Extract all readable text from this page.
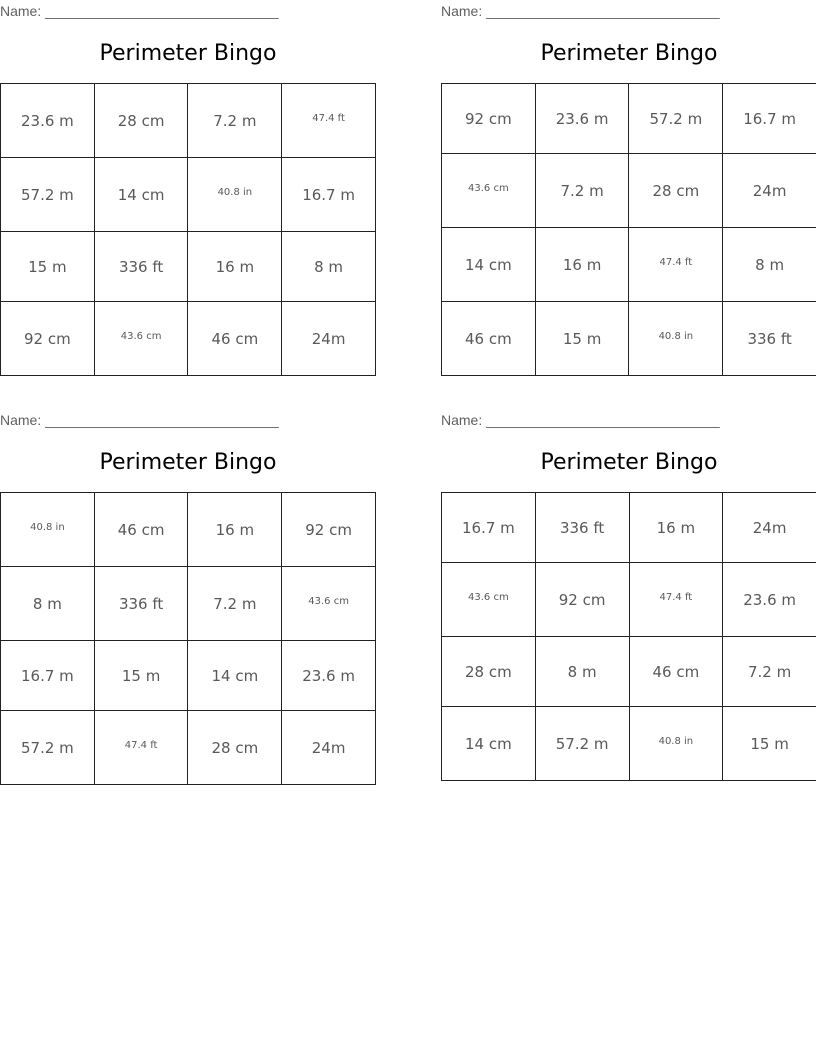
Name: ______________________________
Perimeter Bingo
23.6 m	28 cm	7.2 m	47.4 ft
57.2 m	14 cm	40.8 in	16.7 m
15 m	336 ft	16 m	8 m
92 cm	43.6 cm	46 cm	24m
Name: ______________________________
Perimeter Bingo
92 cm	23.6 m	57.2 m	16.7 m
43.6 cm	7.2 m	28 cm	24m
14 cm	16 m	47.4 ft	8 m
46 cm	15 m	40.8 in	336 ft
Name: ______________________________
Perimeter Bingo
40.8 in	46 cm	16 m	92 cm
8 m	336 ft	7.2 m	43.6 cm
16.7 m	15 m	14 cm	23.6 m
57.2 m	47.4 ft	28 cm	24m
Name: ______________________________
Perimeter Bingo
16.7 m	336 ft	16 m	24m
43.6 cm	92 cm	47.4 ft	23.6 m
28 cm	8 m	46 cm	7.2 m
14 cm	57.2 m	40.8 in	15 m
